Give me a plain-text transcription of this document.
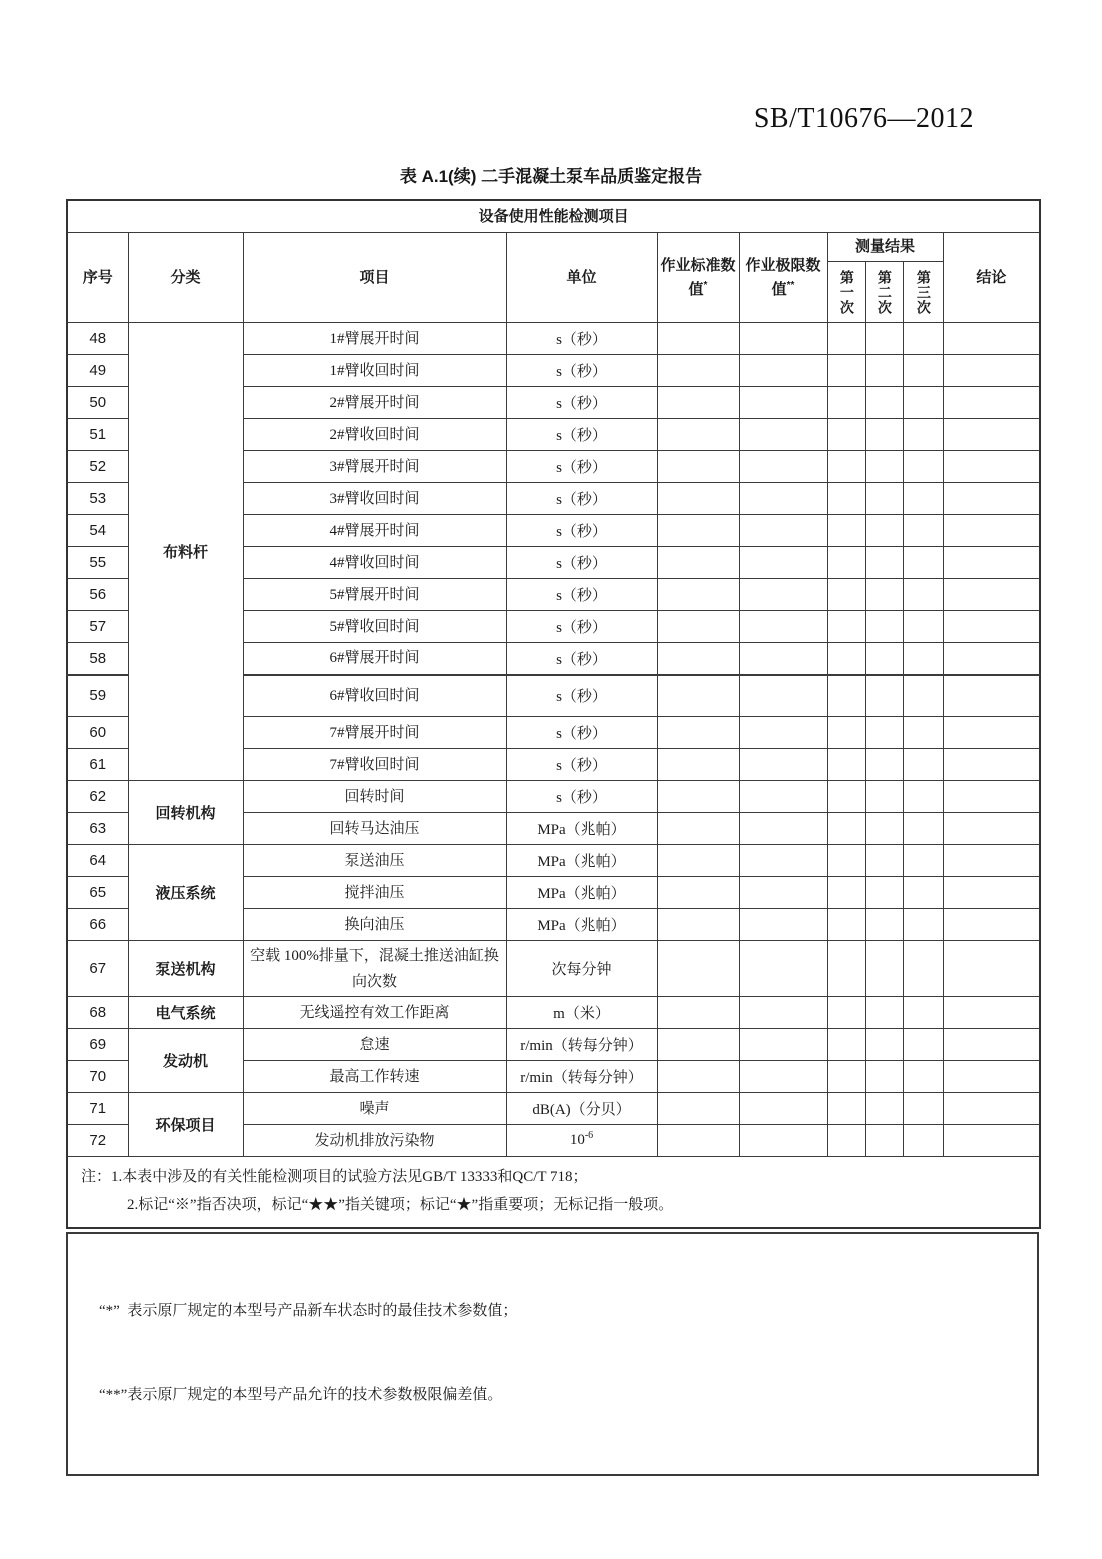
SB/T10676—2012
表 A.1(续) 二手混凝土泵车品质鉴定报告
设备使用性能检测项目									
序号	分类	项目	单位	作业标准数值*	作业极限数值**	测量结果			结论

						第一次	第二次	第三次	

48	布料杆	1#臂展开时间	s（秒）						
49		1#臂收回时间	s（秒）						
50		2#臂展开时间	s（秒）						
51		2#臂收回时间	s（秒）						
52		3#臂展开时间	s（秒）						
53		3#臂收回时间	s（秒）						
54		4#臂展开时间	s（秒）						
55		4#臂收回时间	s（秒）						
56		5#臂展开时间	s（秒）						
57		5#臂收回时间	s（秒）						
58		6#臂展开时间	s（秒）						
59		6#臂收回时间	s（秒）						
60		7#臂展开时间	s（秒）						
61		7#臂收回时间	s（秒）						
62	回转机构	回转时间	s（秒）						
63		回转马达油压	MPa（兆帕）						
64	液压系统	泵送油压	MPa（兆帕）						
65		搅拌油压	MPa（兆帕）						
66		换向油压	MPa（兆帕）						
67	泵送机构	空载 100%排量下，混凝土推送油缸换向次数	次每分钟						
68	电气系统	无线遥控有效工作距离	m（米）						
69	发动机	怠速	r/min（转每分钟）						
70		最高工作转速	r/min（转每分钟）						
71	环保项目	噪声	dB(A)（分贝）						
72		发动机排放污染物	$10^{-6}$						

注：1.本表中涉及的有关性能检测项目的试验方法见GB/T 13333和QC/T 718；
2.标记“※”指否决项，标记“★★”指关键项；标记“★”指重要项；无标记指一般项。									

“*”  表示原厂规定的本型号产品新车状态时的最佳技术参数值；

“**”表示原厂规定的本型号产品允许的技术参数极限偏差值。
